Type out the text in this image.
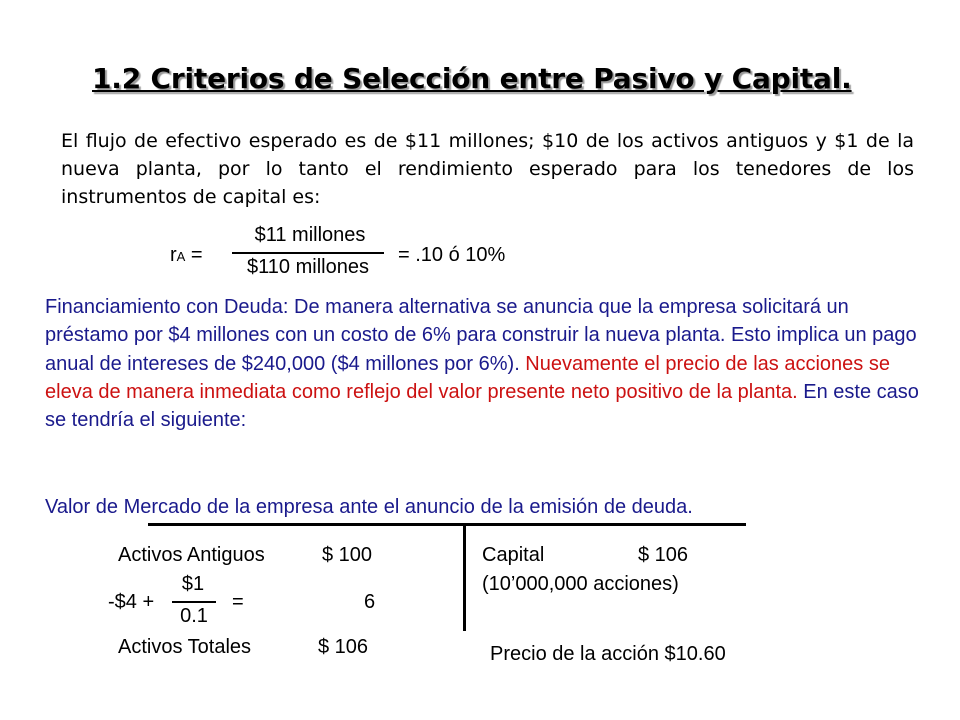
1.2 Criterios de Selección entre Pasivo y Capital.
El flujo de efectivo esperado es de $11 millones; $10 de los activos antiguos y $1 de la nueva planta, por lo tanto el rendimiento esperado para los tenedores de los instrumentos de capital es:
rA =
$11 millones
$110 millones
= .10 ó 10%
Financiamiento con Deuda: De manera alternativa se anuncia que la empresa solicitará un préstamo por $4 millones con un costo de 6% para construir la nueva planta. Esto implica un pago anual de intereses de $240,000 ($4 millones por 6%). Nuevamente el precio de las acciones se eleva de manera inmediata como reflejo del valor presente neto positivo de la planta. En este caso se tendría el siguiente:
Valor de Mercado de la empresa ante el anuncio de la emisión de deuda.
Activos Antiguos	$ 100
-$4 +
$1
0.1
=	6
Activos Totales	$ 106
Capital	$ 106
(10’000,000 acciones)
Precio de la acción $10.60
